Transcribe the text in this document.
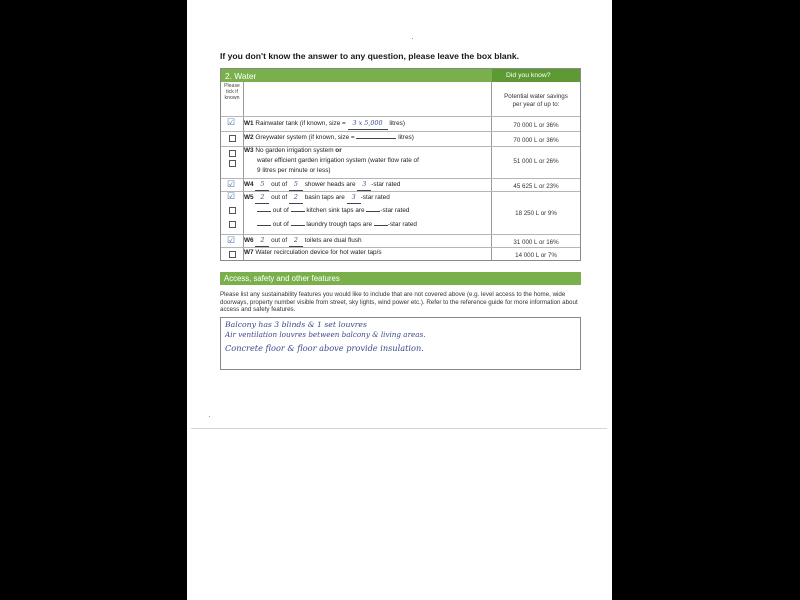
If you don't know the answer to any question, please leave the box blank.
2. Water	Did you know?
Please
tick if
known	Potential water savings
per year of up to:
☑ W1 Rainwater tank (if known, size = 3 x 5,000 litres)	70 000 L or 36%
W2 Greywater system (if known, size =	litres)	70 000 L or 36%
W3 No garden irrigation system or
water efficient garden irrigation system (water flow rate of
9 litres per minute or less)
51 000 L or 26%
☑ W4 5 out of 5 shower heads are 3 -star rated	45 625 L or 23%
☑ W5 2 out of 2 basin taps are 3 -star rated
out of  kitchen sink taps are -star rated
out of  laundry trough taps are -star rated
18 250 L or 9%
☑ W6 2 out of 2 toilets are dual flush	31 000 L or 16%
W7 Water recirculation device for hot water tap/s	14 000 L or 7%
Access, safety and other features
Please list any sustainability features you would like to include that are not covered above (e.g. level access to the home, wide doorways, property number visible from street, sky lights, wind power etc.). Refer to the reference guide for more information about access and safety features.
Balcony has 3 blinds & 1 set louvres
Air ventilation louvres between balcony & living areas.
Concrete floor & floor above provide insulation.
